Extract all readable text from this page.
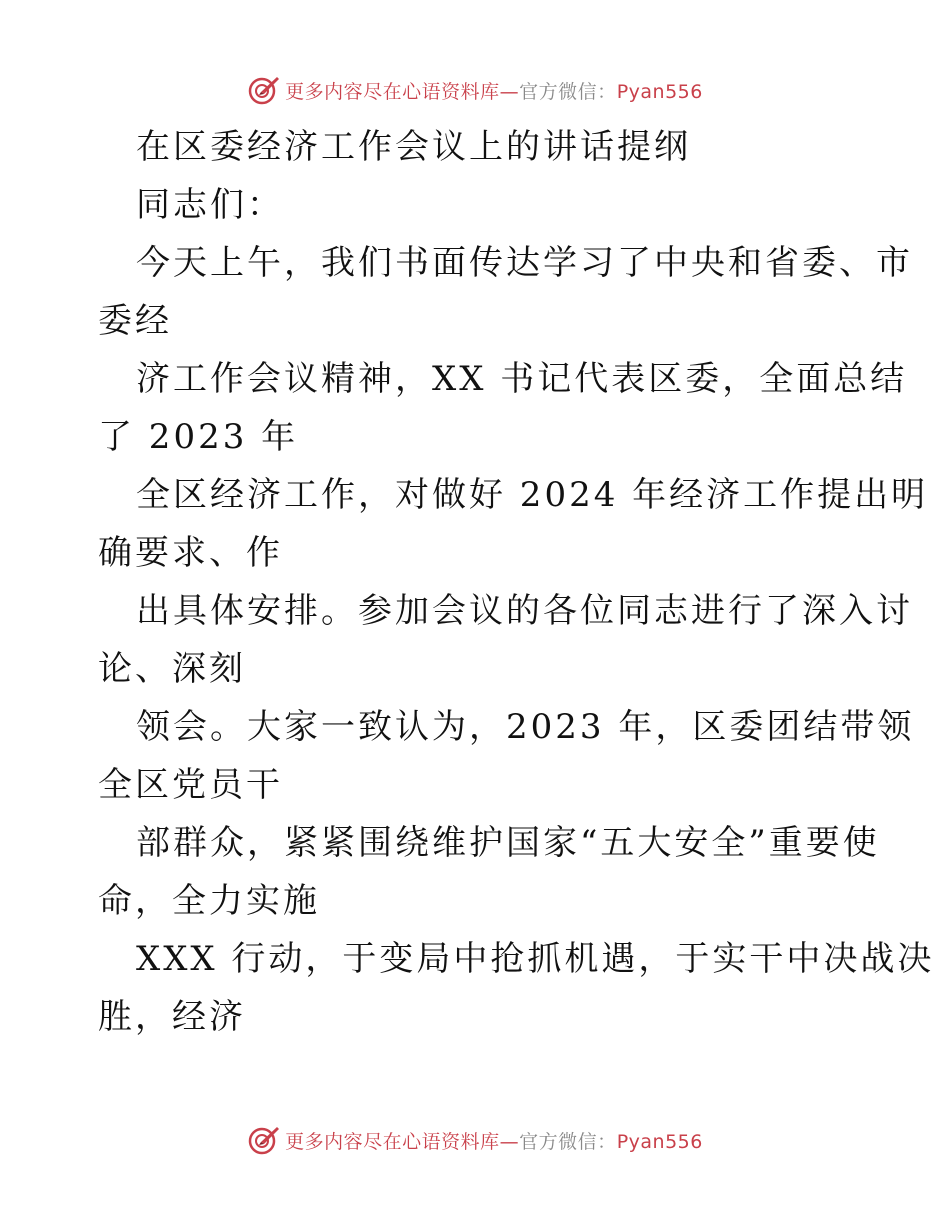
更多内容尽在心语资料库—官方微信：Pyan556
在区委经济工作会议上的讲话提纲
同志们：
今天上午，我们书面传达学习了中央和省委、市
委经
济工作会议精神，XX 书记代表区委，全面总结
了 2023 年
全区经济工作，对做好 2024 年经济工作提出明
确要求、作
出具体安排。参加会议的各位同志进行了深入讨
论、深刻
领会。大家一致认为，2023 年，区委团结带领
全区党员干
部群众，紧紧围绕维护国家“五大安全”重要使
命，全力实施
XXX 行动，于变局中抢抓机遇，于实干中决战决
胜，经济
更多内容尽在心语资料库—官方微信：Pyan556
